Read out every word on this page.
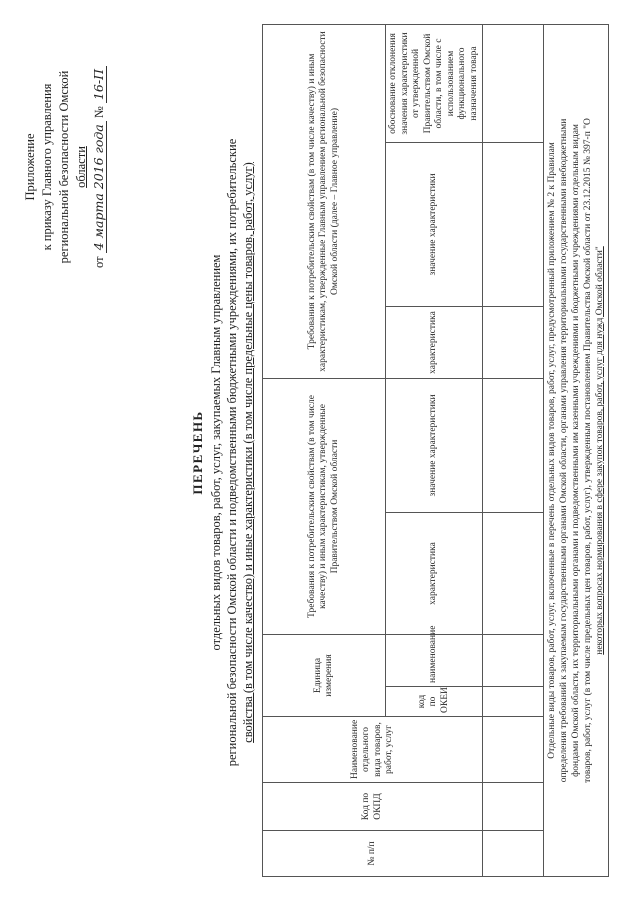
Приложение к приказу Главного управления региональной безопасности Омской области
от 4 марта 2016 года № 16-П
ПЕРЕЧЕНЬ отдельных видов товаров, работ, услуг, закупаемых Главным управлением региональной безопасности Омской области и подведомственными бюджетными учреждениями, их потребительские свойства (в том числе качество) и иные характеристики (в том числе предельные цены товаров, работ, услуг)
№ п/п	Код по ОКПД	Наименование отдельного вида товаров, работ, услуг	Единица измерения		Требования к потребительским свойствам (в том числе качеству) и иным характеристикам, утвержденные Правительством Омской области		Требования к потребительским свойствам (в том числе качеству) и иным характеристикам, утвержденные Главным управлением региональной безопасности Омской области (далее – Главное управление)		
			код по ОКЕИ	наименование	характеристика	значение характеристики	характеристика	значение характеристики	обоснование отклонения значения характеристики от утвержденной Правительством Омской области, в том числе с использованием функционального назначения товара

Отдельные виды товаров, работ, услуг, включенные в перечень отдельных видов товаров, работ, услуг, предусмотренный приложением № 2 к Правилам определения требований к закупаемым государственными органами Омской области, органами управления территориальными государственными внебюджетными фондами Омской области, их территориальными органами и подведомственными им казенными учреждениями и бюджетными учреждениями отдельным видам товаров, работ, услуг (в том числе предельных цен товаров, работ, услуг), утвержденным постановлением Правительства Омской области от 23.12.2015 № 397-п "О некоторых вопросах нормирования в сфере закупок товаров, работ, услуг для нужд Омской области"									
